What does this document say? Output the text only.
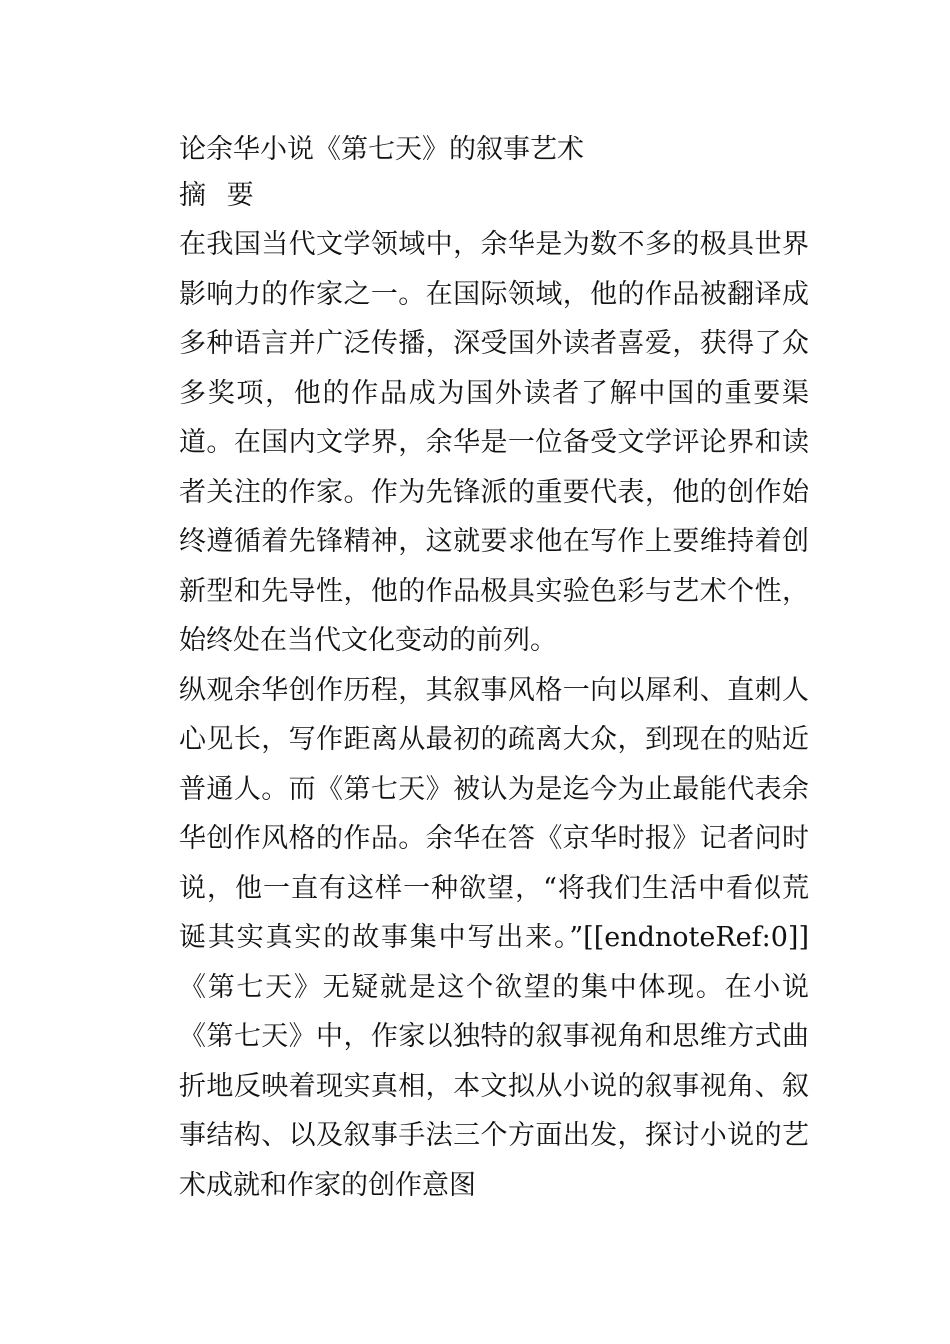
论余华小说《第七天》的叙事艺术
摘 要

在我国当代文学领域中，余华是为数不多的极具世界影响力的作家之一。在国际领域，他的作品被翻译成多种语言并广泛传播，深受国外读者喜爱，获得了众多奖项，他的作品成为国外读者了解中国的重要渠道。在国内文学界，余华是一位备受文学评论界和读者关注的作家。作为先锋派的重要代表，他的创作始终遵循着先锋精神，这就要求他在写作上要维持着创新型和先导性，他的作品极具实验色彩与艺术个性，始终处在当代文化变动的前列。

纵观余华创作历程，其叙事风格一向以犀利、直刺人心见长，写作距离从最初的疏离大众，到现在的贴近普通人。而《第七天》被认为是迄今为止最能代表余华创作风格的作品。余华在答《京华时报》记者问时说，他一直有这样一种欲望，“将我们生活中看似荒诞其实真实的故事集中写出来。”[[endnoteRef:0]]《第七天》无疑就是这个欲望的集中体现。在小说《第七天》中，作家以独特的叙事视角和思维方式曲折地反映着现实真相，本文拟从小说的叙事视角、叙事结构、以及叙事手法三个方面出发，探讨小说的艺术成就和作家的创作意图
